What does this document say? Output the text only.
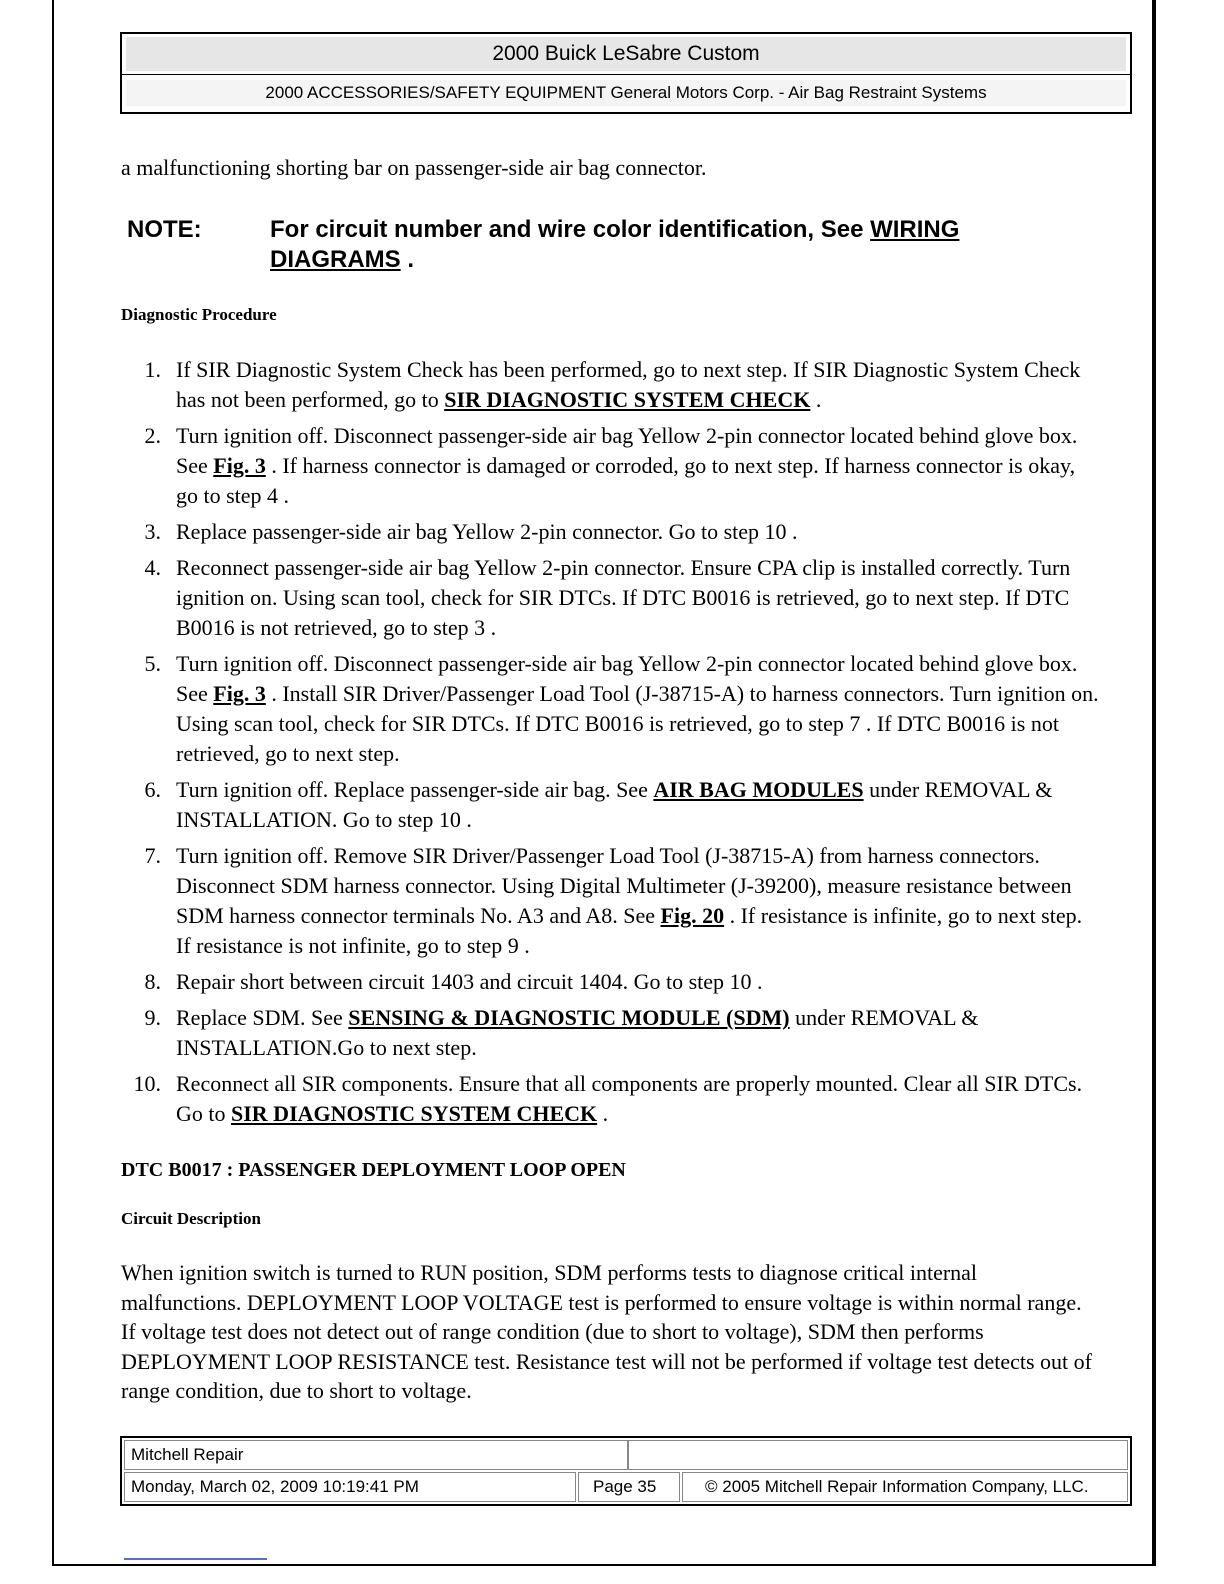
2000 Buick LeSabre Custom
2000 ACCESSORIES/SAFETY EQUIPMENT General Motors Corp. - Air Bag Restraint Systems
a malfunctioning shorting bar on passenger-side air bag connector.
NOTE:	For circuit number and wire color identification, See WIRING DIAGRAMS .
Diagnostic Procedure
1. If SIR Diagnostic System Check has been performed, go to next step. If SIR Diagnostic System Check has not been performed, go to SIR DIAGNOSTIC SYSTEM CHECK .
2. Turn ignition off. Disconnect passenger-side air bag Yellow 2-pin connector located behind glove box. See Fig. 3 . If harness connector is damaged or corroded, go to next step. If harness connector is okay, go to step 4 .
3. Replace passenger-side air bag Yellow 2-pin connector. Go to step 10 .
4. Reconnect passenger-side air bag Yellow 2-pin connector. Ensure CPA clip is installed correctly. Turn ignition on. Using scan tool, check for SIR DTCs. If DTC B0016 is retrieved, go to next step. If DTC B0016 is not retrieved, go to step 3 .
5. Turn ignition off. Disconnect passenger-side air bag Yellow 2-pin connector located behind glove box. See Fig. 3 . Install SIR Driver/Passenger Load Tool (J-38715-A) to harness connectors. Turn ignition on. Using scan tool, check for SIR DTCs. If DTC B0016 is retrieved, go to step 7 . If DTC B0016 is not retrieved, go to next step.
6. Turn ignition off. Replace passenger-side air bag. See AIR BAG MODULES under REMOVAL & INSTALLATION. Go to step 10 .
7. Turn ignition off. Remove SIR Driver/Passenger Load Tool (J-38715-A) from harness connectors. Disconnect SDM harness connector. Using Digital Multimeter (J-39200), measure resistance between SDM harness connector terminals No. A3 and A8. See Fig. 20 . If resistance is infinite, go to next step. If resistance is not infinite, go to step 9 .
8. Repair short between circuit 1403 and circuit 1404. Go to step 10 .
9. Replace SDM. See SENSING & DIAGNOSTIC MODULE (SDM) under REMOVAL & INSTALLATION.Go to next step.
10. Reconnect all SIR components. Ensure that all components are properly mounted. Clear all SIR DTCs. Go to SIR DIAGNOSTIC SYSTEM CHECK .
DTC B0017 : PASSENGER DEPLOYMENT LOOP OPEN
Circuit Description
When ignition switch is turned to RUN position, SDM performs tests to diagnose critical internal malfunctions. DEPLOYMENT LOOP VOLTAGE test is performed to ensure voltage is within normal range. If voltage test does not detect out of range condition (due to short to voltage), SDM then performs DEPLOYMENT LOOP RESISTANCE test. Resistance test will not be performed if voltage test detects out of range condition, due to short to voltage.
Mitchell Repair
Monday, March 02, 2009 10:19:41 PM	Page 35	© 2005 Mitchell Repair Information Company, LLC.
